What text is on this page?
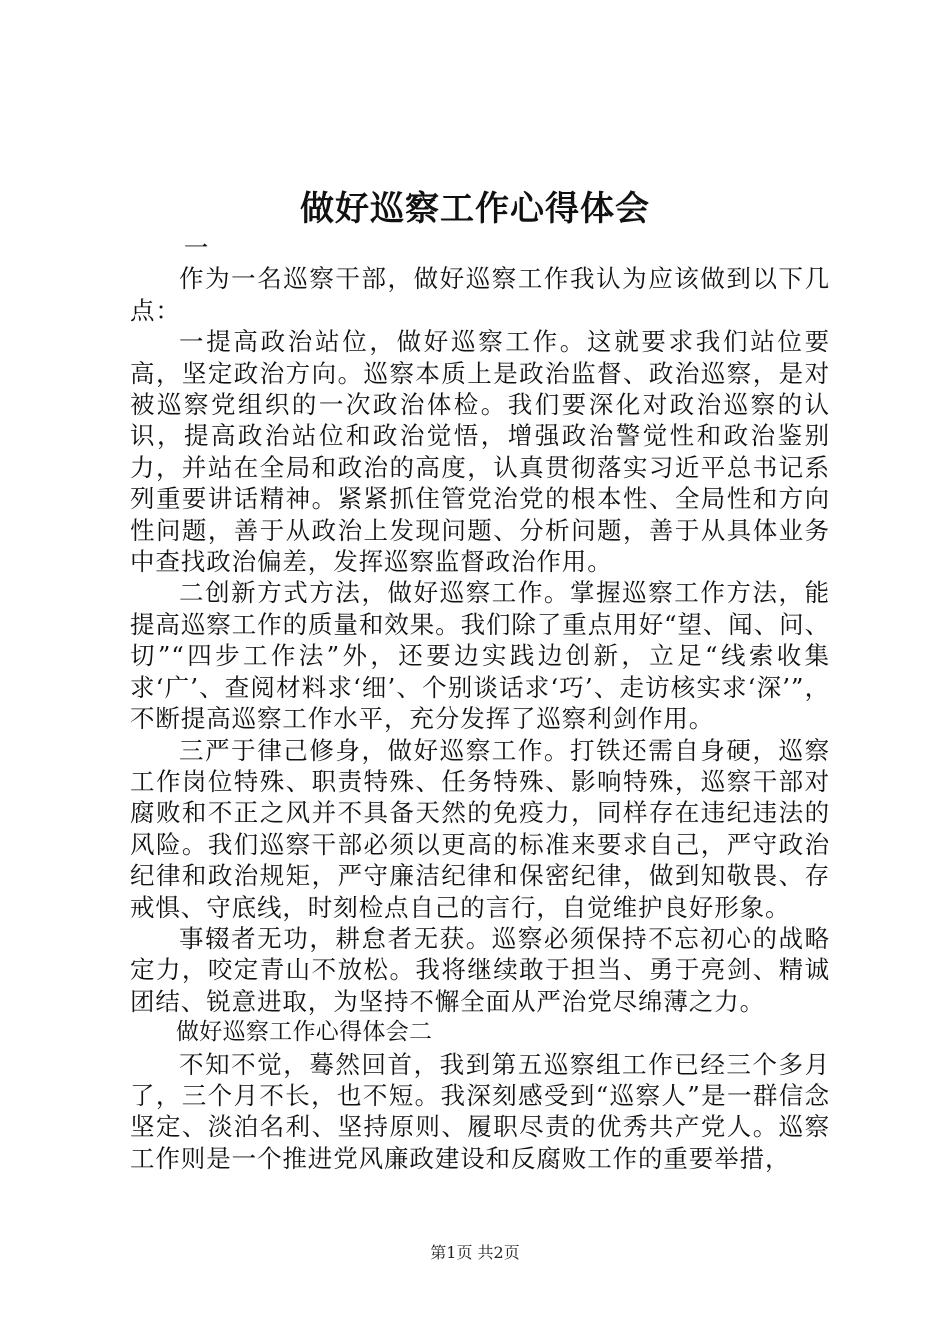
做好巡察工作心得体会

一

作为一名巡察干部，做好巡察工作我认为应该做到以下几点：

一提高政治站位，做好巡察工作。这就要求我们站位要高，坚定政治方向。巡察本质上是政治监督、政治巡察，是对被巡察党组织的一次政治体检。我们要深化对政治巡察的认识，提高政治站位和政治觉悟，增强政治警觉性和政治鉴别力，并站在全局和政治的高度，认真贯彻落实习近平总书记系列重要讲话精神。紧紧抓住管党治党的根本性、全局性和方向性问题，善于从政治上发现问题、分析问题，善于从具体业务中查找政治偏差，发挥巡察监督政治作用。

二创新方式方法，做好巡察工作。掌握巡察工作方法，能提高巡察工作的质量和效果。我们除了重点用好“望、闻、问、切”“四步工作法”外，还要边实践边创新，立足“线索收集求‘广’、查阅材料求‘细’、个别谈话求‘巧’、走访核实求‘深’”，不断提高巡察工作水平，充分发挥了巡察利剑作用。

三严于律己修身，做好巡察工作。打铁还需自身硬，巡察工作岗位特殊、职责特殊、任务特殊、影响特殊，巡察干部对腐败和不正之风并不具备天然的免疫力，同样存在违纪违法的风险。我们巡察干部必须以更高的标准来要求自己，严守政治纪律和政治规矩，严守廉洁纪律和保密纪律，做到知敬畏、存戒惧、守底线，时刻检点自己的言行，自觉维护良好形象。

事辍者无功，耕怠者无获。巡察必须保持不忘初心的战略定力，咬定青山不放松。我将继续敢于担当、勇于亮剑、精诚团结、锐意进取，为坚持不懈全面从严治党尽绵薄之力。

做好巡察工作心得体会二

不知不觉，蓦然回首，我到第五巡察组工作已经三个多月了，三个月不长，也不短。我深刻感受到“巡察人”是一群信念坚定、淡泊名利、坚持原则、履职尽责的优秀共产党人。巡察工作则是一个推进党风廉政建设和反腐败工作的重要举措，

第1页 共2页
